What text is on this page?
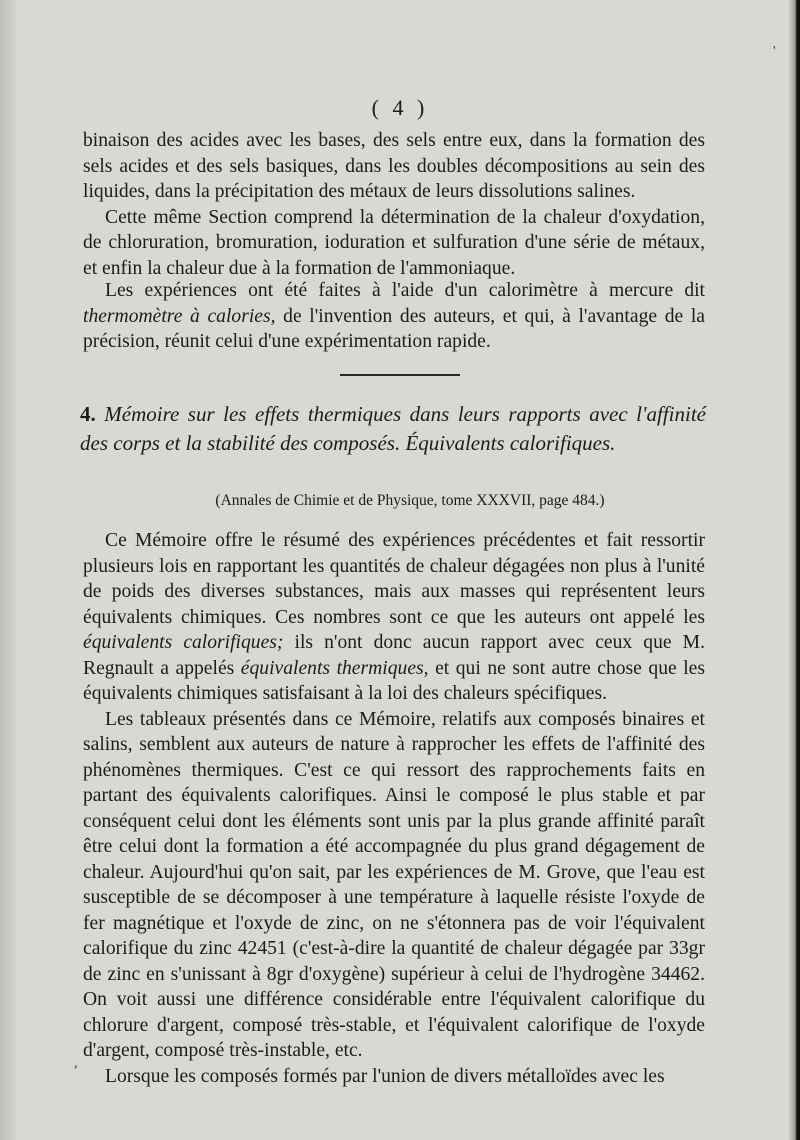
( 4 )

binaison des acides avec les bases, des sels entre eux, dans la formation des sels acides et des sels basiques, dans les doubles décompositions au sein des liquides, dans la précipitation des métaux de leurs dissolutions salines.

Cette même Section comprend la détermination de la chaleur d'oxydation, de chloruration, bromuration, ioduration et sulfuration d'une série de métaux, et enfin la chaleur due à la formation de l'ammoniaque.

Les expériences ont été faites à l'aide d'un calorimètre à mercure dit thermomètre à calories, de l'invention des auteurs, et qui, à l'avantage de la précision, réunit celui d'une expérimentation rapide.

4. Mémoire sur les effets thermiques dans leurs rapports avec l'affinité des corps et la stabilité des composés. Équivalents calorifiques.
(Annales de Chimie et de Physique, tome XXXVII, page 484.)

Ce Mémoire offre le résumé des expériences précédentes et fait ressortir plusieurs lois en rapportant les quantités de chaleur dégagées non plus à l'unité de poids des diverses substances, mais aux masses qui représentent leurs équivalents chimiques. Ces nombres sont ce que les auteurs ont appelé les équivalents calorifiques; ils n'ont donc aucun rapport avec ceux que M. Regnault a appelés équivalents thermiques, et qui ne sont autre chose que les équivalents chimiques satisfaisant à la loi des chaleurs spécifiques.

Les tableaux présentés dans ce Mémoire, relatifs aux composés binaires et salins, semblent aux auteurs de nature à rapprocher les effets de l'affinité des phénomènes thermiques. C'est ce qui ressort des rapprochements faits en partant des équivalents calorifiques. Ainsi le composé le plus stable et par conséquent celui dont les éléments sont unis par la plus grande affinité paraît être celui dont la formation a été accompagnée du plus grand dégagement de chaleur. Aujourd'hui qu'on sait, par les expériences de M. Grove, que l'eau est susceptible de se décomposer à une température à laquelle résiste l'oxyde de fer magnétique et l'oxyde de zinc, on ne s'étonnera pas de voir l'équivalent calorifique du zinc 42451 (c'est-à-dire la quantité de chaleur dégagée par 33gr de zinc en s'unissant à 8gr d'oxygène) supérieur à celui de l'hydrogène 34462. On voit aussi une différence considérable entre l'équivalent calorifique du chlorure d'argent, composé très-stable, et l'équivalent calorifique de l'oxyde d'argent, composé très-instable, etc.

Lorsque les composés formés par l'union de divers métalloïdes avec les

'
,
